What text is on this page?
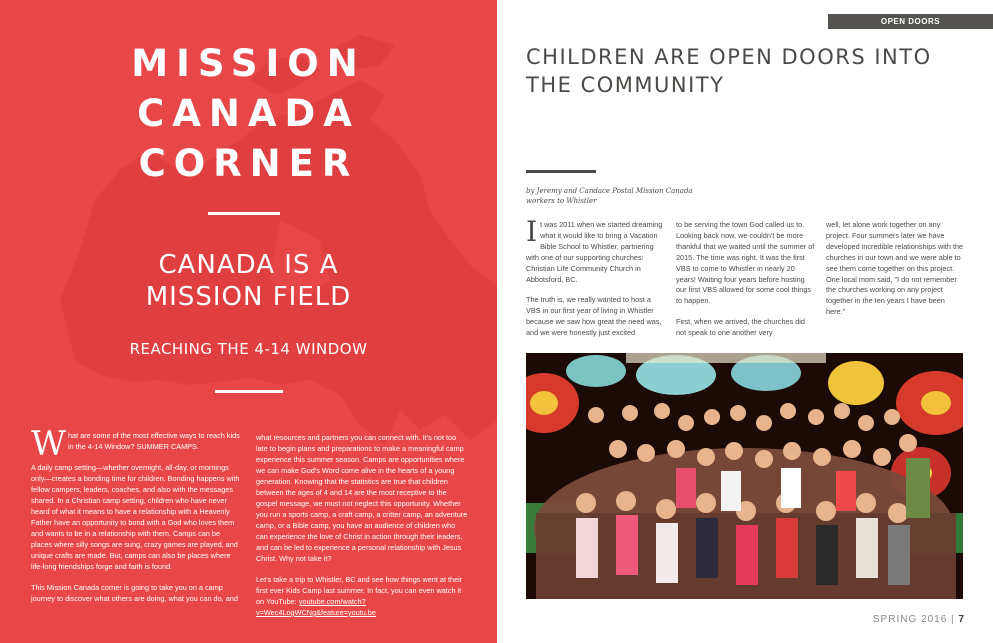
MISSION
CANADA
CORNER
CANADA IS A
MISSION FIELD
REACHING THE 4-14 WINDOW

What are some of the most effective ways to reach kids in the 4-14 Window? SUMMER CAMPS.

A daily camp setting—whether overnight, all-day, or mornings only—creates a bonding time for children. Bonding happens with fellow campers, leaders, coaches, and also with the messages shared. In a Christian camp setting, children who have never heard of what it means to have a relationship with a Heavenly Father have an opportunity to bond with a God who loves them and wants to be in a relationship with them. Camps can be places where silly songs are sung, crazy games are played, and unique crafts are made. But, camps can also be places where life-long friendships forge and faith is found.

This Mission Canada corner is going to take you on a camp journey to discover what others are doing, what you can do, and

what resources and partners you can connect with. It's not too late to begin plans and preparations to make a meaningful camp experience this summer season. Camps are opportunities where we can make God's Word come alive in the hearts of a young generation. Knowing that the statistics are true that children between the ages of 4 and 14 are the most receptive to the gospel message, we must not neglect this opportunity. Whether you run a sports camp, a craft camp, a critter camp, an adventure camp, or a Bible camp, you have an audience of children who can experience the love of Christ in action through their leaders, and can be led to experience a personal relationship with Jesus Christ. Why not take it?

Let's take a trip to Whistler, BC and see how things went at their first ever Kids Camp last summer. In fact, you can even watch it on YouTube: youtube.com/watch?v=Wec4LogWCNg&feature=youtu.be

OPEN DOORS
CHILDREN ARE OPEN DOORS INTO THE COMMUNITY
by Jeremy and Candace Postal Mission Canada workers to Whistler

It was 2011 when we started dreaming what it would like to bring a Vacation Bible School to Whistler, partnering with one of our supporting churches: Christian Life Community Church in Abbotsford, BC.

The truth is, we really wanted to host a VBS in our first year of living in Whistler because we saw how great the need was, and we were honestly just excited

to be serving the town God called us to. Looking back now, we couldn't be more thankful that we waited until the summer of 2015. The time was right. It was the first VBS to come to Whistler in nearly 20 years! Waiting four years before hosting our first VBS allowed for some cool things to happen.

First, when we arrived, the churches did not speak to one another very

well, let alone work together on any project. Four summers later we have developed incredible relationships with the churches in our town and we were able to see them come together on this project. One local mom said, "I do not remember the churches working on any project together in the ten years I have been here."

SPRING 2016 | 7
